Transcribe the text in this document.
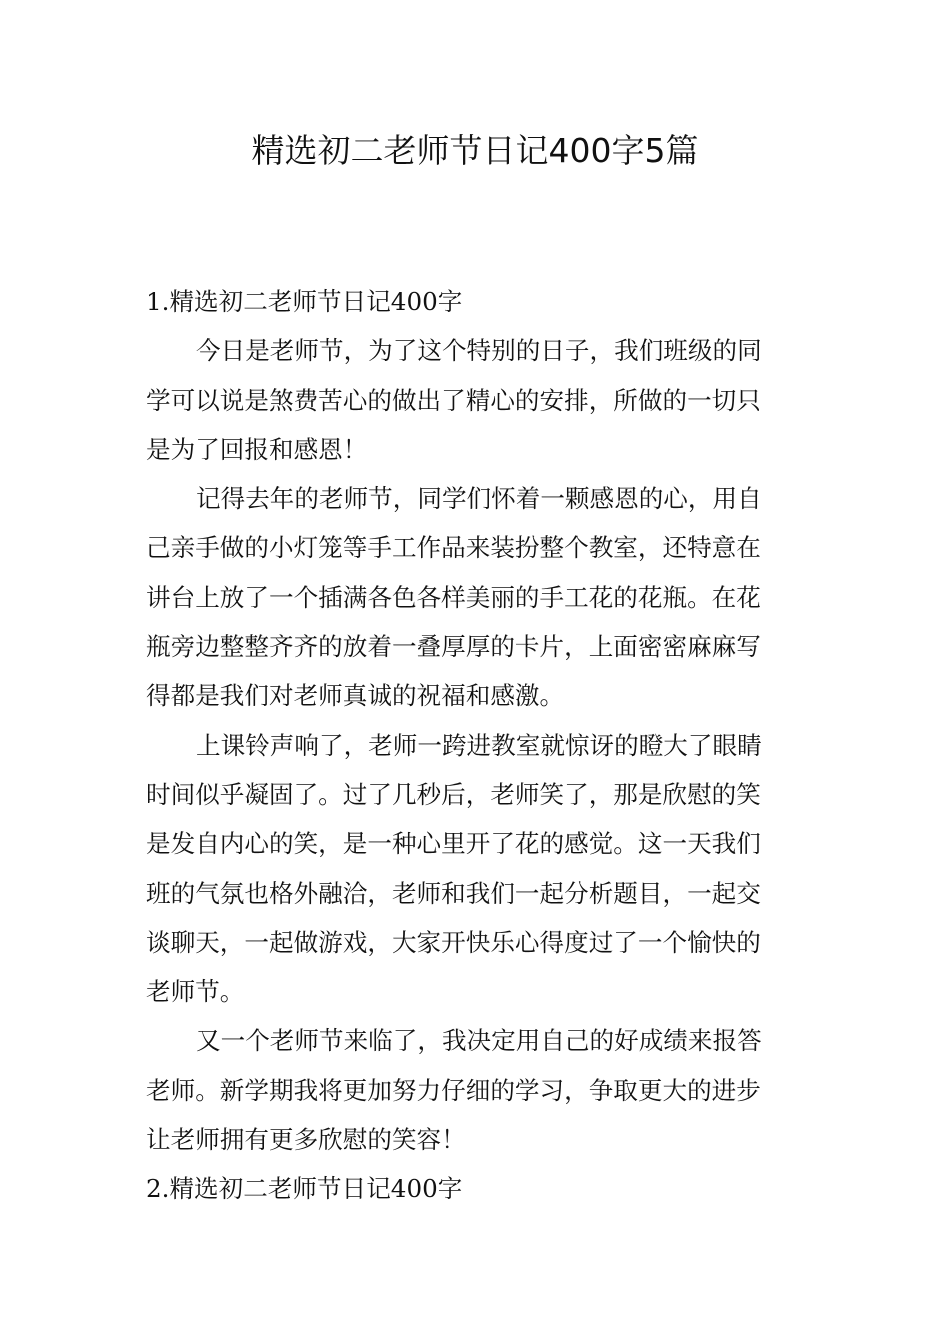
精选初二老师节日记400字5篇
1.精选初二老师节日记400字
今日是老师节，为了这个特别的日子，我们班级的同
学可以说是煞费苦心的做出了精心的安排，所做的一切只
是为了回报和感恩！
记得去年的老师节，同学们怀着一颗感恩的心，用自
己亲手做的小灯笼等手工作品来装扮整个教室，还特意在
讲台上放了一个插满各色各样美丽的手工花的花瓶。在花
瓶旁边整整齐齐的放着一叠厚厚的卡片，上面密密麻麻写
得都是我们对老师真诚的祝福和感激。
上课铃声响了，老师一跨进教室就惊讶的瞪大了眼睛
时间似乎凝固了。过了几秒后，老师笑了，那是欣慰的笑
是发自内心的笑，是一种心里开了花的感觉。这一天我们
班的气氛也格外融洽，老师和我们一起分析题目，一起交
谈聊天，一起做游戏，大家开快乐心得度过了一个愉快的
老师节。
又一个老师节来临了，我决定用自己的好成绩来报答
老师。新学期我将更加努力仔细的学习，争取更大的进步
让老师拥有更多欣慰的笑容！
2.精选初二老师节日记400字
